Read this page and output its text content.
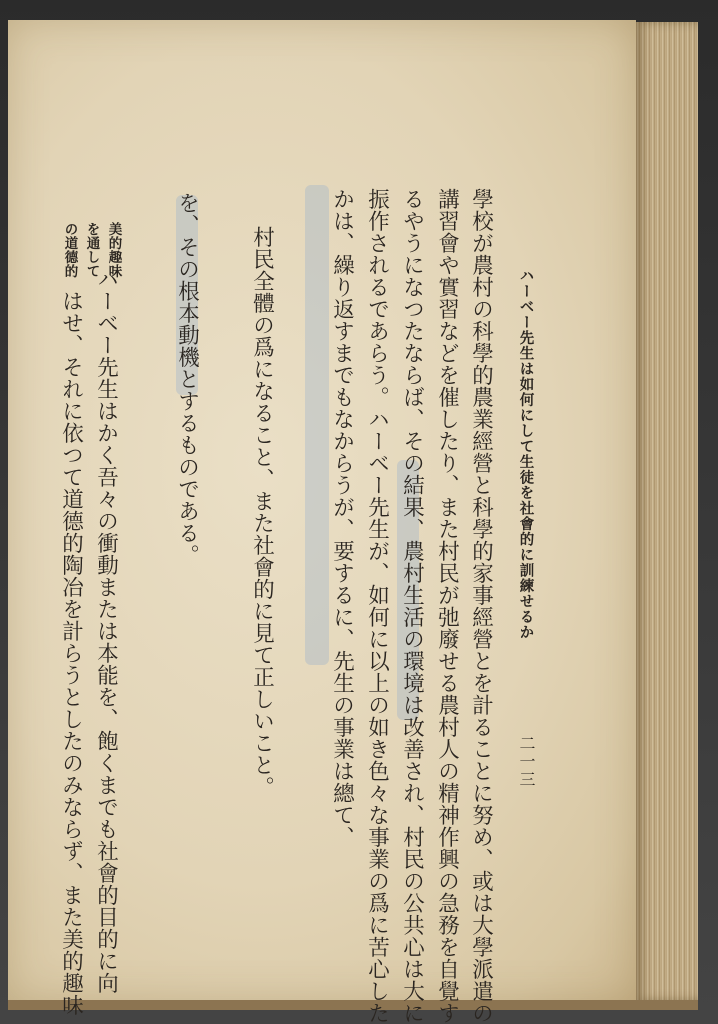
ハーベー先生は如何にして生徒を社會的に訓練せるか
二一三
學校が農村の科學的農業經營と科學的家事經營とを計ることに努め、或は大學派遣の
講習會や實習などを催したり、また村民が弛廢せる農村人の精神作興の急務を自覺す
るやうになつたならば、その結果、農村生活の環境は改善され、村民の公共心は大に
振作されるであらう。ハーベー先生が、如何に以上の如き色々な事業の爲に苦心した
かは、繰り返すまでもなからうが、要するに、先生の事業は總て、
村民全體の爲になること、また社會的に見て正しいこと。
を、その根本動機とするものである。
ハーベー先生はかく吾々の衝動または本能を、飽くまでも社會的目的に向
はせ、それに依つて道德的陶冶を計らうとしたのみならず、また美的趣味
美的趣味
を通して
の道德的
